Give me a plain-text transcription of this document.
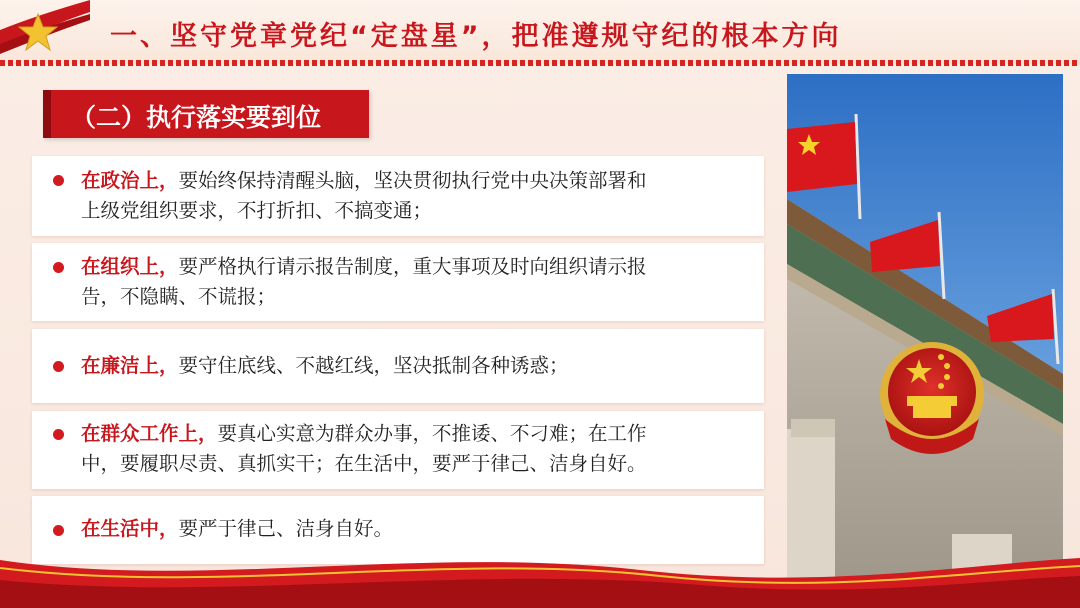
一、坚守党章党纪“定盘星”，把准遵规守纪的根本方向
（二）执行落实要到位
在政治上，要始终保持清醒头脑，坚决贯彻执行党中央决策部署和
上级党组织要求，不打折扣、不搞变通；
在组织上，要严格执行请示报告制度，重大事项及时向组织请示报
告，不隐瞒、不谎报；
在廉洁上，要守住底线、不越红线，坚决抵制各种诱惑；
在群众工作上，要真心实意为群众办事，不推诿、不刁难；在工作
中，要履职尽责、真抓实干；在生活中，要严于律己、洁身自好。
在生活中，要严于律己、洁身自好。
